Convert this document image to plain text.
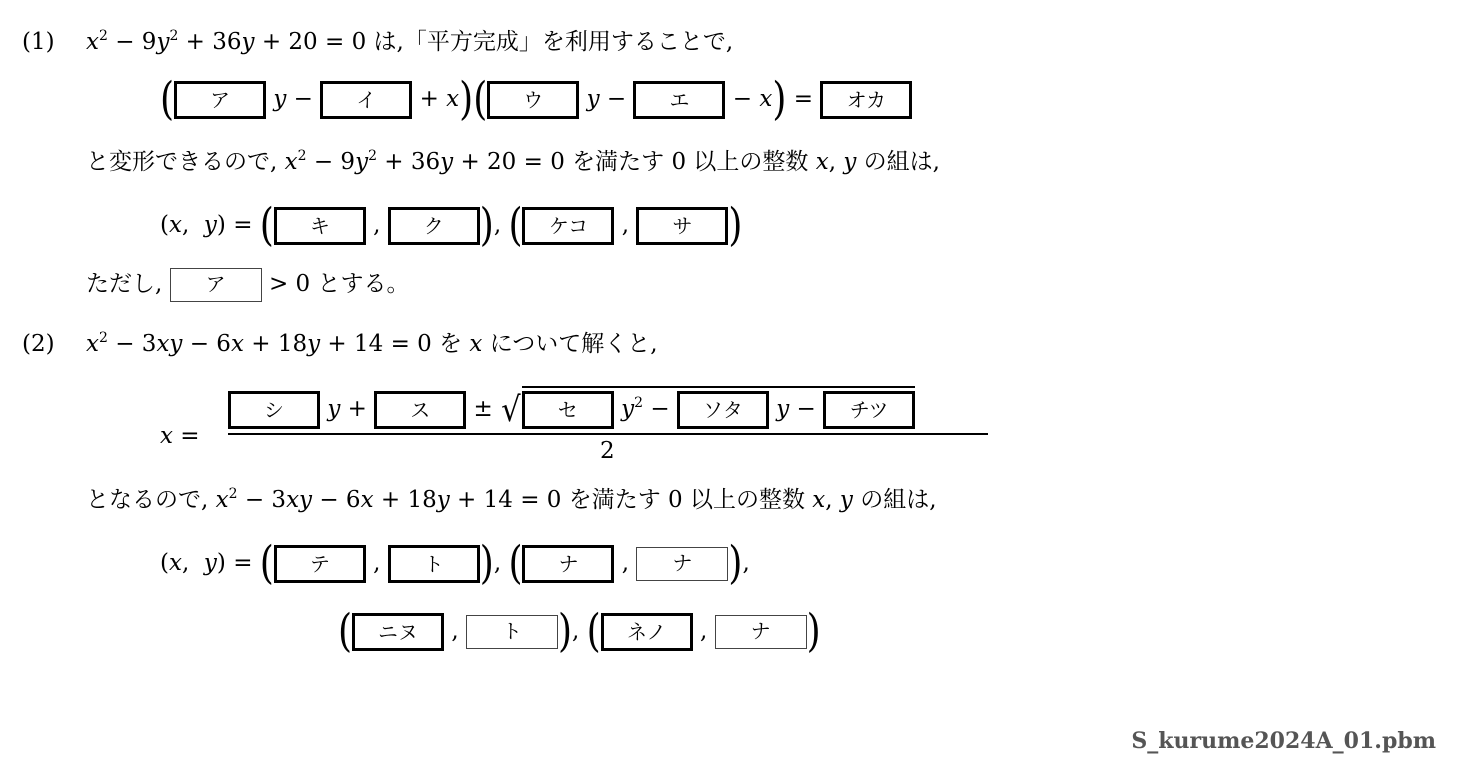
(1) $x^2 - 9y^2 + 36y + 20 = 0$ は,「平方完成」を利用することで,
( ア y − イ + x)( ウ y − エ − x) = オカ
と変形できるので, $x^2 - 9y^2 + 36y + 20 = 0$ を満たす 0 以上の整数 x, y の組は,
(x,  y) = ( キ , ク ), ( ケコ , サ )
ただし, ア > 0 とする。
(2) $x^2 - 3xy - 6x + 18y + 14 = 0$ を x について解くと,
x =
シ y + ス ± √ セ $y^2$ − ソタ y − チツ
2
となるので, $x^2 - 3xy - 6x + 18y + 14 = 0$ を満たす 0 以上の整数 x, y の組は,
(x,  y) = ( テ , ト ), ( ナ , ナ ),
( ニヌ , ト ), ( ネノ , ナ )
S_kurume2024A_01.pbm
